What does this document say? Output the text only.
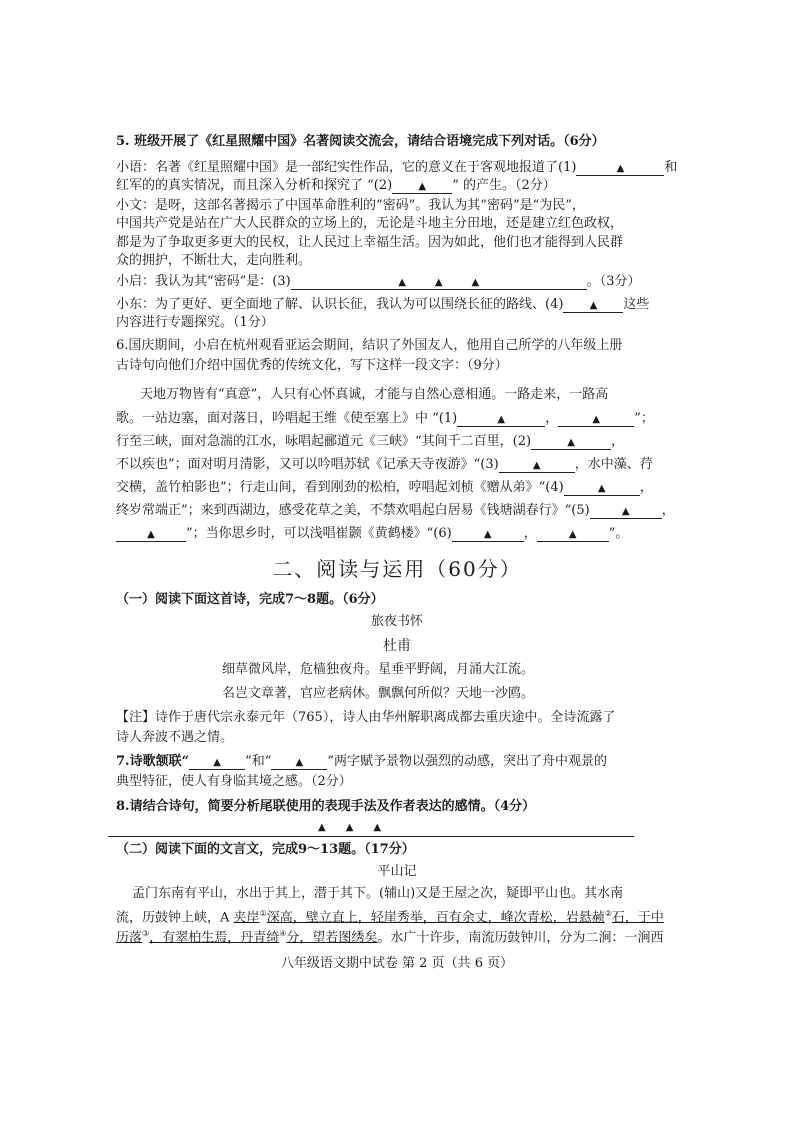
5. 班级开展了《红星照耀中国》名著阅读交流会，请结合语境完成下列对话。（6分）
小语：名著《红星照耀中国》是一部纪实性作品，它的意义在于客观地报道了(1)	▲	和
红军的的真实情况，而且深入分析和探究了 “(2)	▲ ” 的产生。（2分）
小文：是呀，这部名著揭示了中国革命胜利的“密码”。我认为其“密码”是“为民”，
中国共产党是站在广大人民群众的立场上的，无论是斗地主分田地，还是建立红色政权，
都是为了争取更多更大的民权，让人民过上幸福生活。因为如此，他们也才能得到人民群
众的拥护，不断壮大，走向胜利。
小启：我认为其“密码”是：(3)	▲	▲	▲	。（3分）
小东：为了更好、更全面地了解、认识长征，我认为可以围绕长征的路线、(4)	▲ 这些
内容进行专题探究。（1分）
6.国庆期间，小启在杭州观看亚运会期间，结识了外国友人，他用自己所学的八年级上册
古诗句向他们介绍中国优秀的传统文化，写下这样一段文字：（9分）
天地万物皆有“真意”，人只有心怀真诚，才能与自然心意相通。一路走来，一路高
歌。一站边塞，面对落日，吟唱起王维《使至塞上》中 “(1)	▲	，	▲	”；
行至三峡，面对急湍的江水，咏唱起郦道元《三峡》“其间千二百里，(2)	▲	，
不以疾也”；面对明月清影，又可以吟唱苏轼《记承天寺夜游》“(3)	▲	，水中藻、荇
交横，盖竹柏影也”；行走山间，看到刚劲的松柏，哼唱起刘桢《赠从弟》“(4)	▲	，
终岁常端正”；来到西湖边，感受花草之美，不禁欢唱起白居易《钱塘湖春行》“(5)	▲ ，
▲ ”；当你思乡时，可以浅唱崔颢《黄鹤楼》“(6)	▲ ，	▲ ”。
二、阅读与运用（60分）
（一）阅读下面这首诗，完成7～8题。（6分）
旅夜书怀
杜甫
细草微风岸，危樯独夜舟。星垂平野阔，月涌大江流。
名岂文章著，官应老病休。飘飘何所似？天地一沙鸥。
【注】诗作于唐代宗永泰元年（765），诗人由华州解职离成都去重庆途中。全诗流露了
诗人奔波不遇之情。
7.诗歌颔联“ ▲ ”和“ ▲ ”两字赋予景物以强烈的动感，突出了舟中观景的
典型特征，使人有身临其境之感。（2分）
8.请结合诗句，简要分析尾联使用的表现手法及作者表达的感情。（4分）
▲▲▲
（二）阅读下面的文言文，完成9～13题。（17分）
平山记
孟门东南有平山，水出于其上，潜于其下。(辅山)又是王屋之次，疑即平山也。其水南
流，历鼓钟上峡，A 夹岸①深高，壁立直上，轻崖秀举，百有余丈，峰次青松，岩悬赪②石，于中
历落③，有翠柏生焉，丹青绮④分，望若图绣矣。水广十许步，南流历鼓钟川，分为二涧：一涧西
八年级语文期中试卷 第 2 页（共 6 页）
